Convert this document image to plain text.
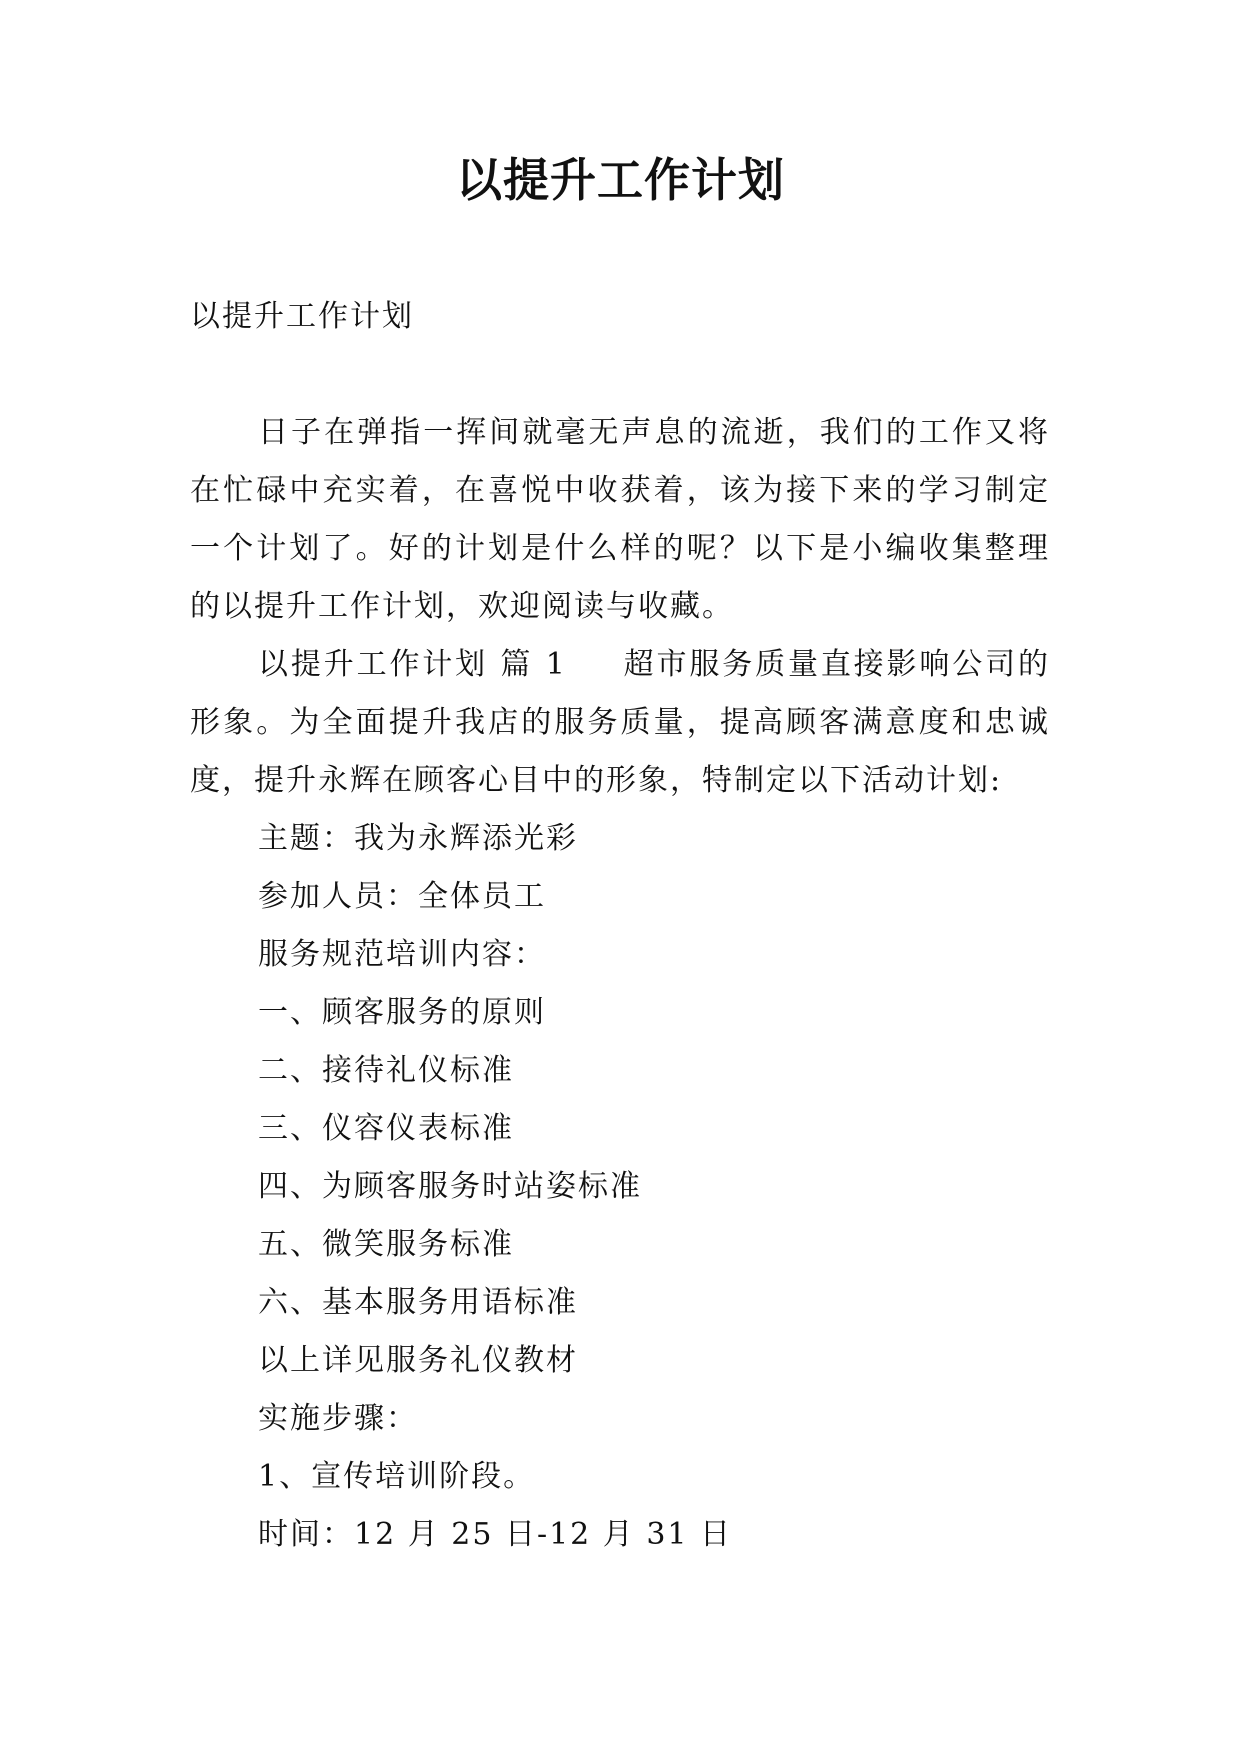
以提升工作计划

以提升工作计划

日子在弹指一挥间就毫无声息的流逝，我们的工作又将在忙碌中充实着，在喜悦中收获着，该为接下来的学习制定一个计划了。好的计划是什么样的呢？以下是小编收集整理的以提升工作计划，欢迎阅读与收藏。

以提升工作计划 篇 1 超市服务质量直接影响公司的形象。为全面提升我店的服务质量，提高顾客满意度和忠诚度，提升永辉在顾客心目中的形象，特制定以下活动计划:

主题：我为永辉添光彩

参加人员：全体员工

服务规范培训内容：

一、顾客服务的原则

二、接待礼仪标准

三、仪容仪表标准

四、为顾客服务时站姿标准

五、微笑服务标准

六、基本服务用语标准

以上详见服务礼仪教材

实施步骤：

1、宣传培训阶段。

时间：12 月 25 日-12 月 31 日
